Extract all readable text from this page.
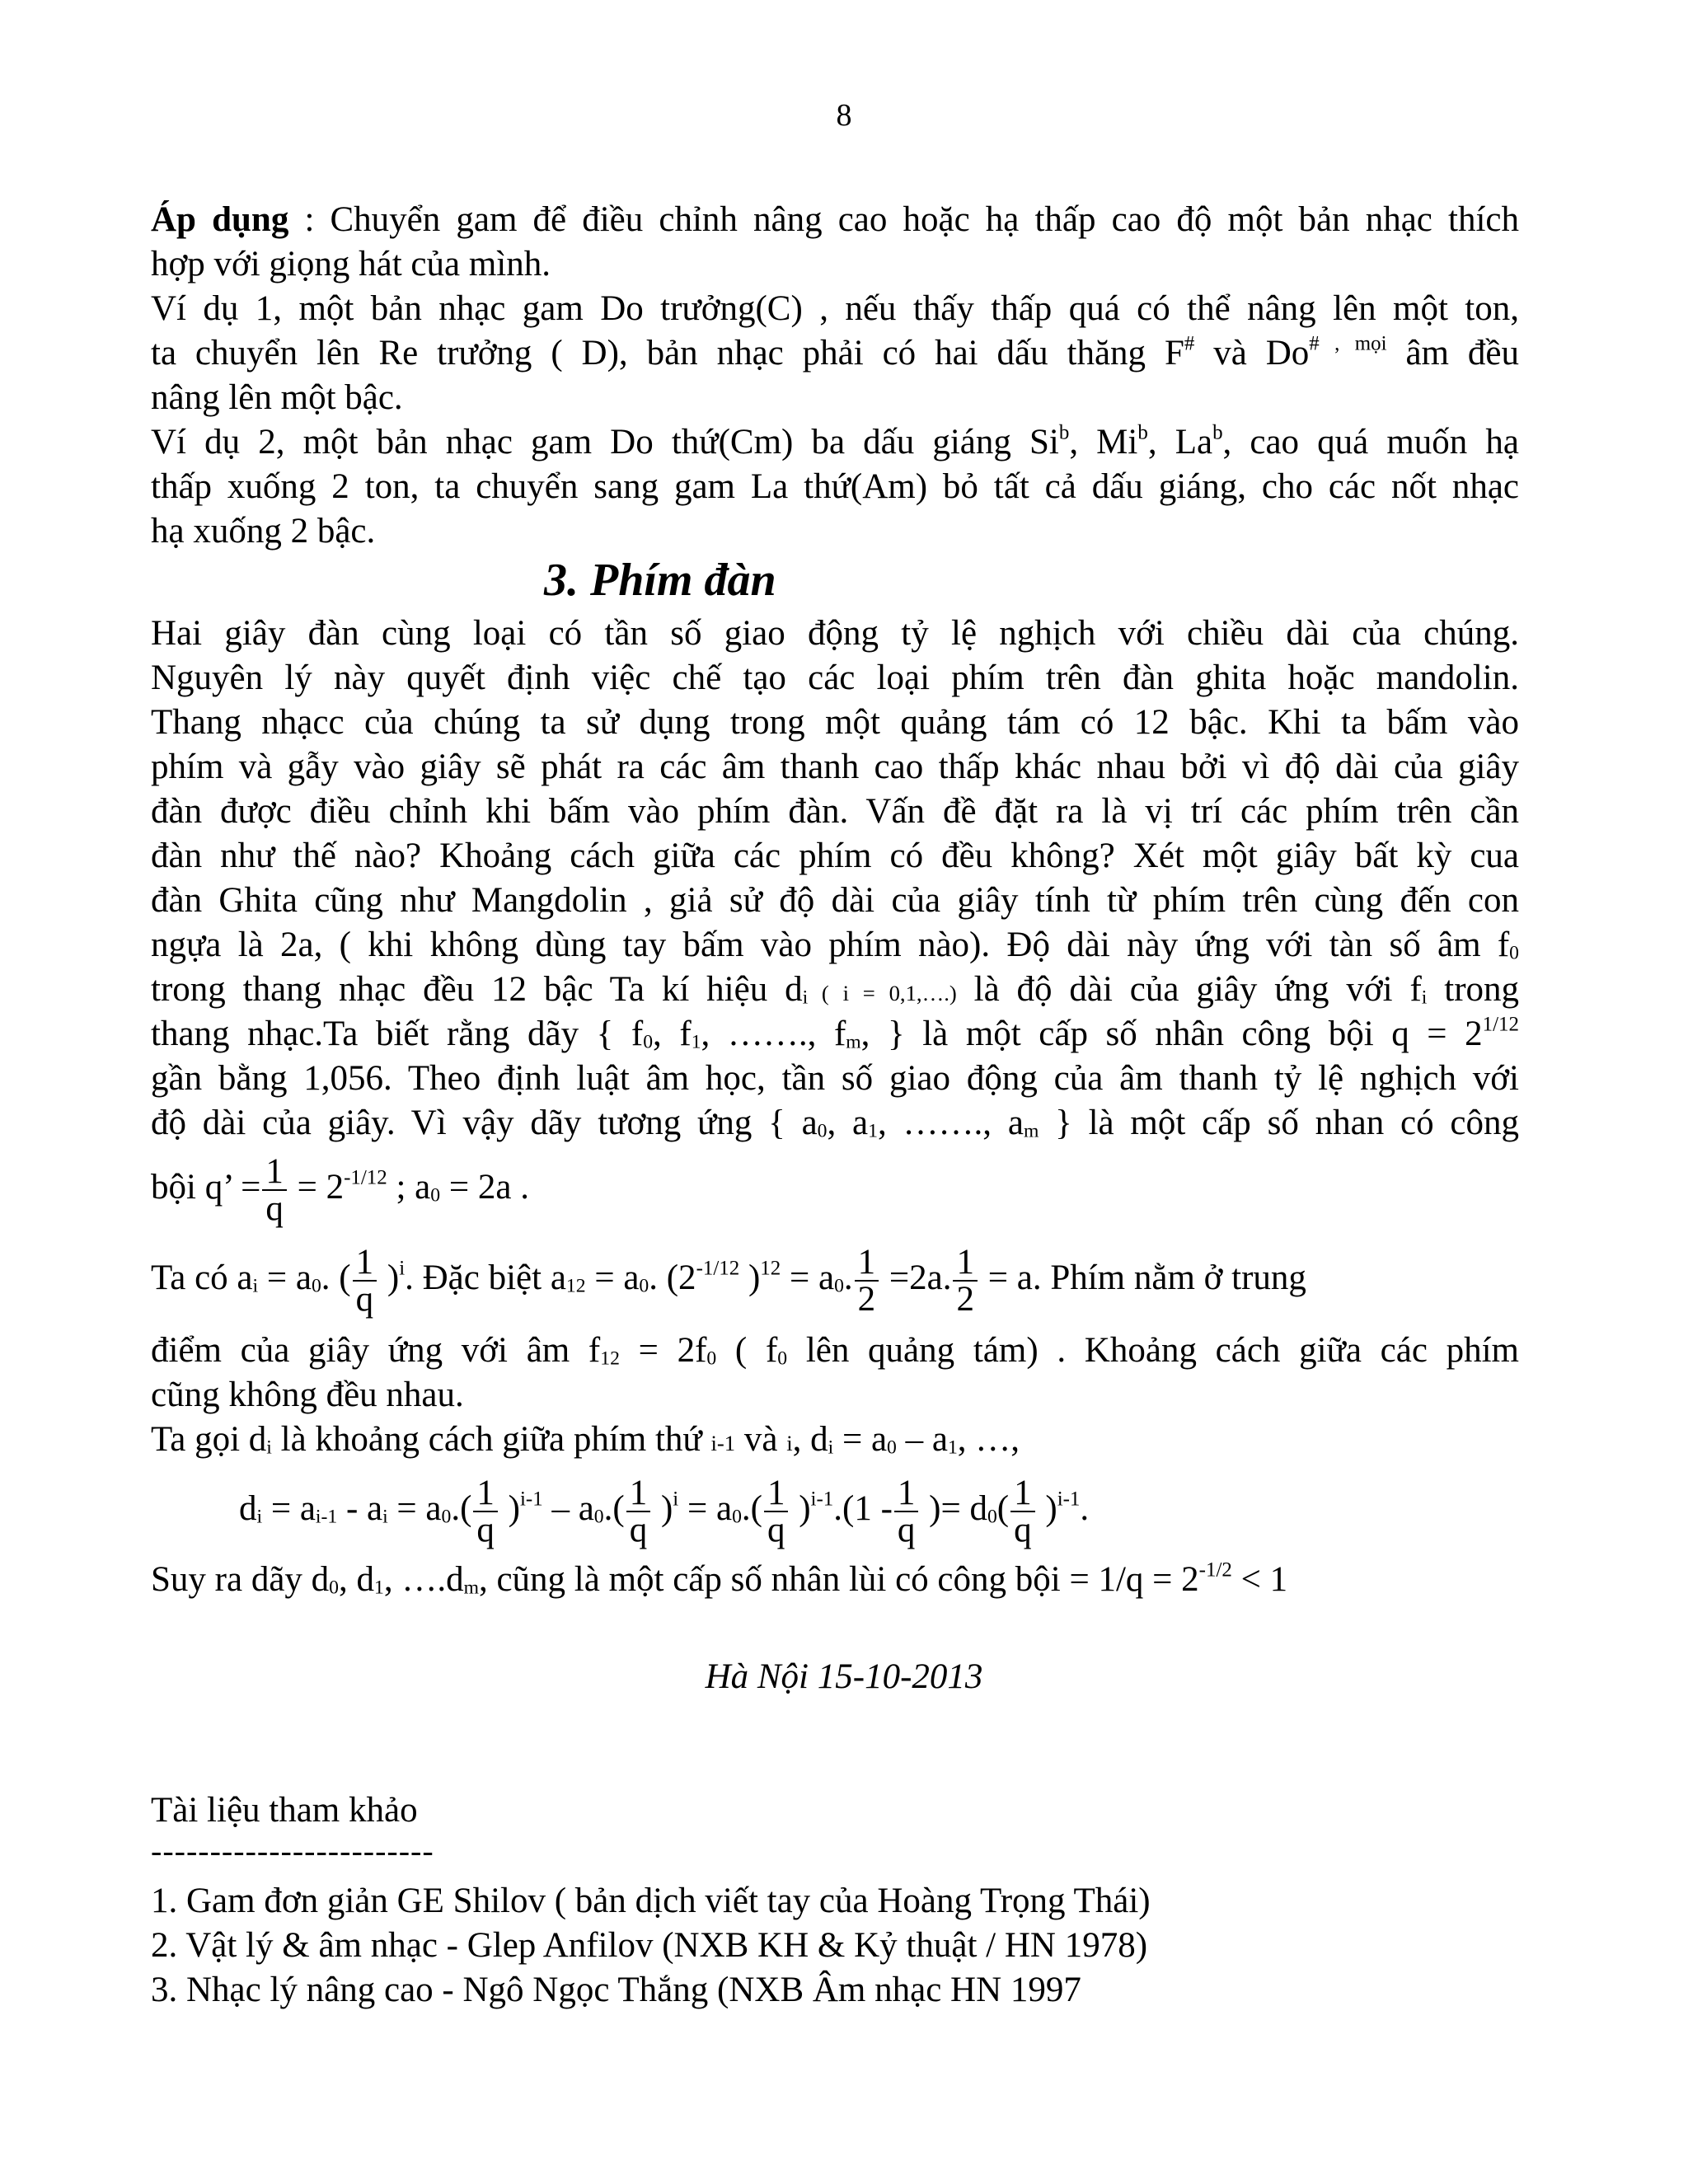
8
Áp dụng : Chuyển gam để điều chỉnh nâng cao hoặc hạ thấp cao độ một bản nhạc thích
hợp với giọng hát của mình.
Ví dụ 1, một bản nhạc gam Do trưởng(C) , nếu thấy thấp quá có thể nâng lên một ton,
ta chuyển lên Re trưởng ( D), bản nhạc phải có hai dấu thăng F# và $Do^{\# , mọi}$ âm đều
nâng lên một bậc.
Ví dụ 2, một bản nhạc gam Do thứ(Cm) ba dấu giáng Si$^b$, Mi$^b$, La$^b$, cao quá muốn hạ
thấp xuống 2 ton, ta chuyển sang gam La thứ(Am) bỏ tất cả dấu giáng, cho các nốt nhạc
hạ xuống 2 bậc.
3. Phím đàn
Hai giây đàn cùng loại có tần số giao động tỷ lệ nghịch với chiều dài của chúng.
Nguyên lý này quyết định việc chế tạo các loại phím trên đàn ghita hoặc mandolin.
Thang nhạcc của chúng ta sử dụng trong một quảng tám có 12 bậc. Khi ta bấm vào
phím và gẫy vào giây sẽ phát ra các âm thanh cao thấp khác nhau bởi vì độ dài của giây
đàn được điều chỉnh khi bấm vào phím đàn. Vấn đề đặt ra là vị trí các phím trên cần
đàn như thế nào? Khoảng cách giữa các phím có đều không? Xét một giây bất kỳ cua
đàn Ghita cũng như Mangdolin , giả sử độ dài của giây tính từ phím trên cùng đến con
ngựa là 2a, ( khi không dùng tay bấm vào phím nào). Độ dài này ứng với tàn số âm f0
trong thang nhạc đều 12 bậc Ta kí hiệu di ( i = 0,1,….) là độ dài của giây ứng với fi trong
thang nhạc.Ta biết rằng dãy { f0, f1, ……., fm, } là một cấp số nhân công bội $q = 2^{1/12}$
gần bằng 1,056. Theo định luật âm học, tần số giao động của âm thanh tỷ lệ nghịch với
độ dài của giây. Vì vậy dãy tương ứng { a0, a1, ……., am } là một cấp số nhan có công
bội q’ = $\frac{1}{q} = 2^{-1/12}$ ; a0 = 2a .
Ta có ai = a0. ( $\frac{1}{q} )^i$. Đặc biệt a12 = a0. ($2^{-1/12}$ )$^{12}$ = a0. $\frac{1}{2} =2a$. $\frac{1}{2} = a$. Phím nằm ở trung
điểm của giây ứng với âm f12 = 2f0 ( f0 lên quảng tám) . Khoảng cách giữa các phím
cũng không đều nhau.
Ta gọi di là khoảng cách giữa phím thứ i-1 và i, di = a0 – a1, …,
di = ai-1 - ai = $a0.( \frac{1}{q} )^{i-1} - a0.( \frac{1}{q} )^i = a0.( \frac{1}{q} )^{i-1}.(1 - \frac{1}{q}$ )= $d0( \frac{1}{q} )^{i-1}$.
Suy ra dãy d0, d1, ….dm, cũng là một cấp số nhân lùi có công bội = $1/q = 2^{-1/2} < 1$
Hà Nội 15-10-2013
Tài liệu tham khảo
------------------------
1. Gam đơn giản GE Shilov ( bản dịch viết tay của Hoàng Trọng Thái)
2. Vật lý & âm nhạc - Glep Anfilov (NXB KH & Kỷ thuật / HN 1978)
3. Nhạc lý nâng cao - Ngô Ngọc Thắng (NXB Âm nhạc HN 1997
